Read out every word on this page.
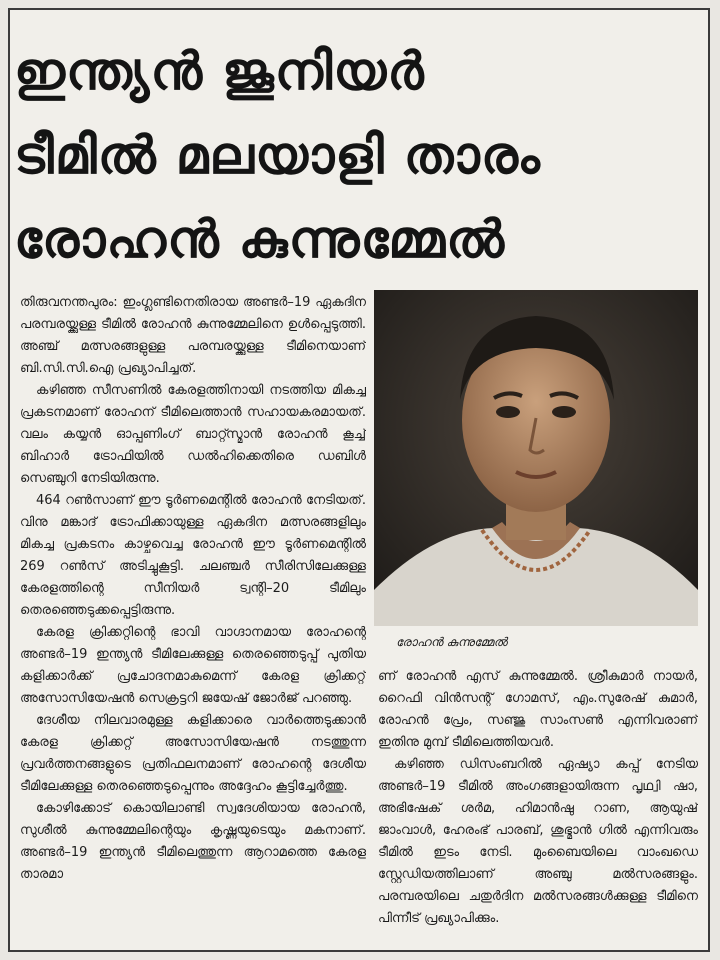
ഇന്ത്യൻ ജൂനിയർ
ടീമിൽ മലയാളി താരം
രോഹൻ കുന്നുമ്മേൽ

തിരുവനന്തപുരം: ഇംഗ്ലണ്ടിനെതിരായ അണ്ടർ–19 ഏകദിന പരമ്പരയ്ക്കുള്ള ടീമിൽ രോഹൻ കുന്നുമ്മേലിനെ ഉൾപ്പെടുത്തി. അഞ്ച് മത്സരങ്ങളുള്ള പരമ്പരയ്ക്കുള്ള ടീമിനെയാണ് ബി.സി.സി.ഐ പ്രഖ്യാപിച്ചത്.

കഴിഞ്ഞ സീസണിൽ കേരളത്തിനായി നടത്തിയ മികച്ച പ്രകടനമാണ് രോഹന് ടീമിലെത്താൻ സഹായകരമായത്. വലം കയ്യൻ ഓപ്പണിംഗ് ബാറ്റ്സ്മാൻ രോഹൻ കൂച്ച് ബിഹാർ ട്രോഫിയിൽ ഡൽഹിക്കെതിരെ ഡബിൾ സെഞ്ചുറി നേടിയിരുന്നു.

464 റൺസാണ് ഈ ടൂർണമെന്റിൽ രോഹൻ നേടിയത്. വിനു മങ്കാദ് ട്രോഫിക്കായുള്ള ഏകദിന മത്സരങ്ങളിലും മികച്ച പ്രകടനം കാഴ്ചവെച്ച രോഹൻ ഈ ടൂർണമെന്റിൽ 269 റൺസ് അടിച്ചുകൂട്ടി. ചലഞ്ചർ സീരിസിലേക്കുള്ള കേരളത്തിന്റെ സീനിയർ ട്വന്റി–20 ടീമിലും തെരഞ്ഞെടുക്കപ്പെട്ടിരുന്നു.

കേരള ക്രിക്കറ്റിന്റെ ഭാവി വാഗ്ദാനമായ രോഹന്റെ അണ്ടർ–19 ഇന്ത്യൻ ടീമിലേക്കുള്ള തെരഞ്ഞെടുപ്പ് പുതിയ കളിക്കാർക്ക് പ്രചോദനമാകുമെന്ന് കേരള ക്രിക്കറ്റ് അസോസിയേഷൻ സെക്രട്ടറി ജയേഷ് ജോർജ് പറഞ്ഞു.

ദേശീയ നിലവാരമുള്ള കളിക്കാരെ വാർത്തെടുക്കാൻ കേരള ക്രിക്കറ്റ് അസോസിയേഷൻ നടത്തുന്ന പ്രവർത്തനങ്ങളുടെ പ്രതിഫലനമാണ് രോഹന്റെ ദേശീയ ടീമിലേക്കുള്ള തെരഞ്ഞെടുപ്പെന്നും അദ്ദേഹം കൂട്ടിച്ചേർത്തു.

കോഴിക്കോട് കൊയിലാണ്ടി സ്വദേശിയായ രോഹൻ, സുശീൽ കുന്നുമ്മേലിന്റെയും കൃഷ്ണയുടെയും മകനാണ്. അണ്ടർ–19 ഇന്ത്യൻ ടീമിലെത്തുന്ന ആറാമത്തെ കേരള താരമാ

രോഹൻ കുന്നുമ്മേൽ

ണ് രോഹൻ എസ് കുന്നുമ്മേൽ. ശ്രീകുമാർ നായർ, റൈഫി വിൻസന്റ് ഗോമസ്, എം.സുരേഷ് കുമാർ, രോഹൻ പ്രേം, സഞ്ജു സാംസൺ എന്നിവരാണ് ഇതിനു മുമ്പ് ടീമിലെത്തിയവർ.

കഴിഞ്ഞ ഡിസംബറിൽ ഏഷ്യാ കപ്പ് നേടിയ അണ്ടർ–19 ടീമിൽ അംഗങ്ങളായിരുന്ന പൃഥ്വി ഷാ, അഭിഷേക് ശർമ, ഹിമാൻഷു റാണ, ആയുഷ് ജാംവാൾ, ഹേരംഭ് പാരബ്, ശുഭ്മാൻ ഗിൽ എന്നിവരും ടീമിൽ ഇടം നേടി. മുംബൈയിലെ വാംഖഡെ സ്റ്റേഡിയത്തിലാണ് അഞ്ചു മൽസരങ്ങളും. പരമ്പരയിലെ ചതുർദിന മൽസരങ്ങൾക്കുള്ള ടീമിനെ പിന്നീട് പ്രഖ്യാപിക്കും.
